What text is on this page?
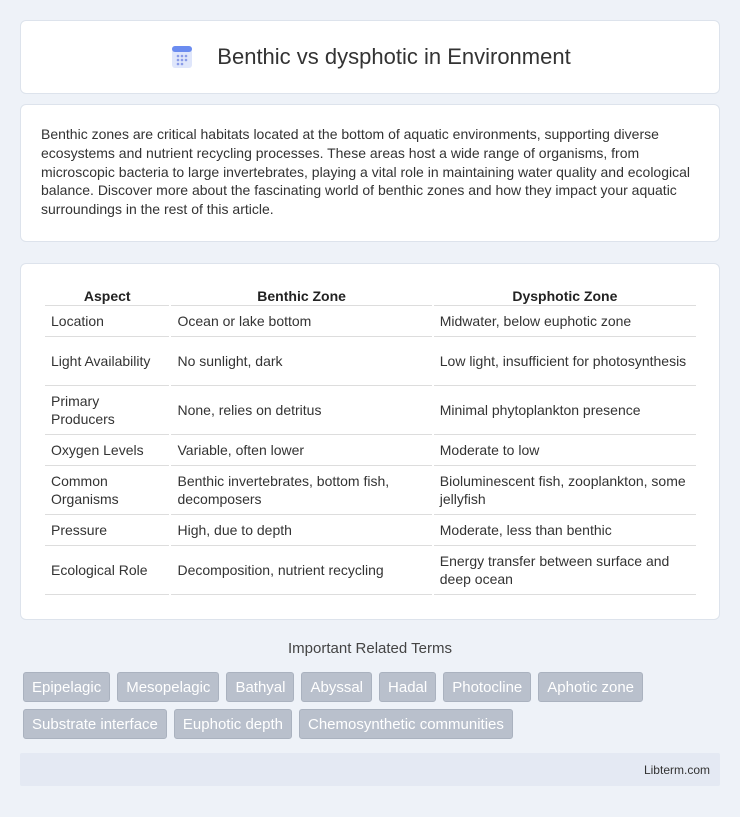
Benthic vs dysphotic in Environment

Benthic zones are critical habitats located at the bottom of aquatic environments, supporting diverse ecosystems and nutrient recycling processes. These areas host a wide range of organisms, from microscopic bacteria to large invertebrates, playing a vital role in maintaining water quality and ecological balance. Discover more about the fascinating world of benthic zones and how they impact your aquatic surroundings in the rest of this article.

Aspect	Benthic Zone	Dysphotic Zone
Location	Ocean or lake bottom	Midwater, below euphotic zone
Light Availability	No sunlight, dark	Low light, insufficient for photosynthesis
Primary Producers	None, relies on detritus	Minimal phytoplankton presence
Oxygen Levels	Variable, often lower	Moderate to low
Common Organisms	Benthic invertebrates, bottom fish, decomposers	Bioluminescent fish, zooplankton, some jellyfish
Pressure	High, due to depth	Moderate, less than benthic
Ecological Role	Decomposition, nutrient recycling	Energy transfer between surface and deep ocean
Important Related Terms
Epipelagic	Mesopelagic	Bathyal	Abyssal	Hadal	Photocline	Aphotic zone
Substrate interface	Euphotic depth	Chemosynthetic communities
Libterm.com
